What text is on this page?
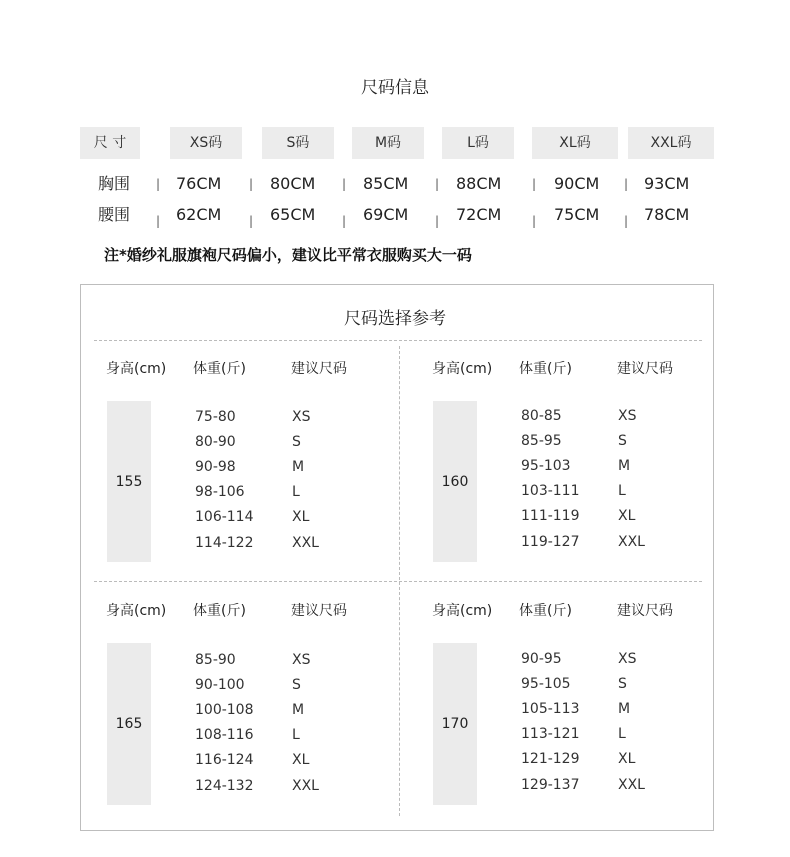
尺码信息
尺 寸	XS码	S码	M码	L码	XL码	XXL码
胸围 | 76CM | 80CM | 85CM | 88CM	| 90CM | 93CM
腰围 | 62CM | 65CM | 69CM | 72CM	| 75CM | 78CM
注*婚纱礼服旗袍尺码偏小，建议比平常衣服购买大一码
尺码选择参考
身高(cm) 体重(斤)	建议尺码
155
75-80	XS
80-90	S
90-98	M
98-106	L
106-114	XL
114-122	XXL
身高(cm) 体重(斤)	建议尺码
160
80-85	XS
85-95	S
95-103	M
103-111	L
111-119	XL
119-127	XXL
身高(cm) 体重(斤)	建议尺码
165
85-90	XS
90-100	S
100-108	M
108-116	L
116-124	XL
124-132	XXL
身高(cm) 体重(斤)	建议尺码
170
90-95	XS
95-105	S
105-113	M
113-121	L
121-129	XL
129-137	XXL
